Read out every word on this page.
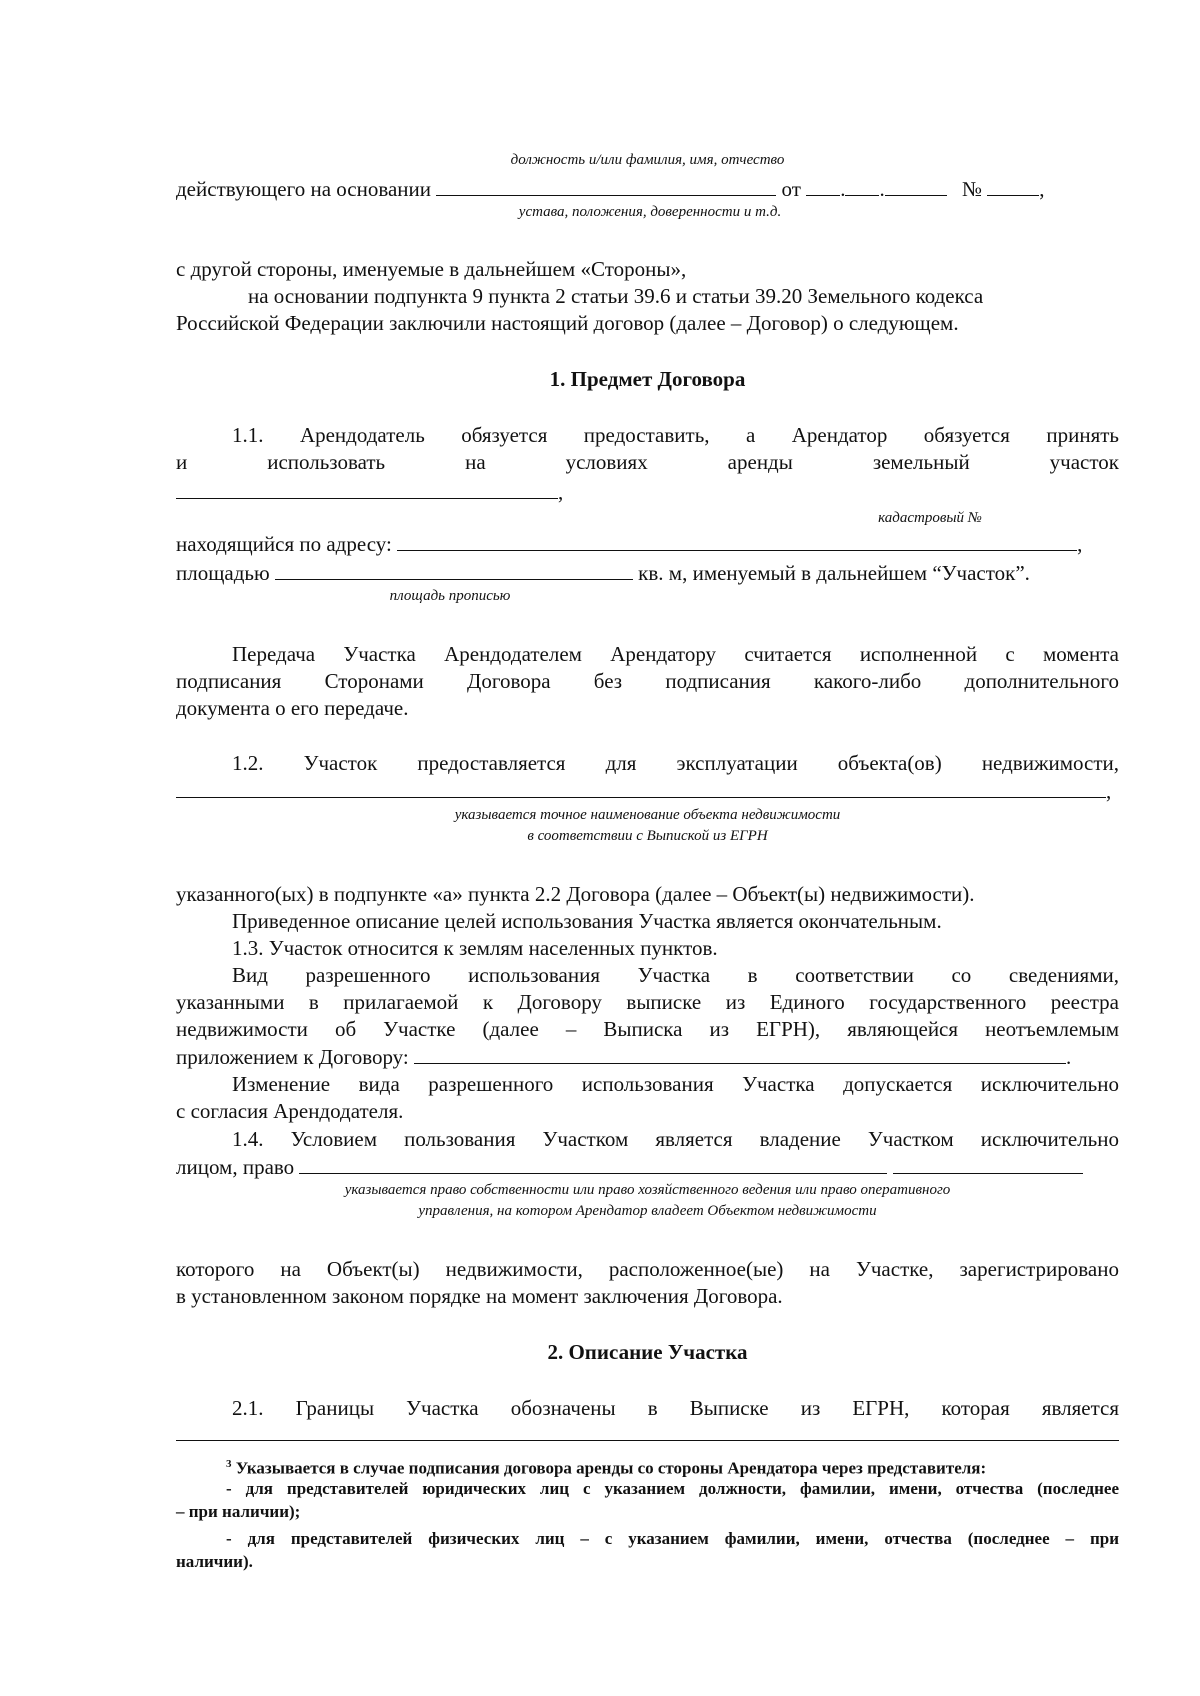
должность и/или фамилия, имя, отчество
действующего на основании	от . .	№	,
устава, положения, доверенности и т.д.
с другой стороны, именуемые в дальнейшем «Стороны»,
на основании подпункта 9 пункта 2 статьи 39.6 и статьи 39.20 Земельного кодекса
Российской Федерации заключили настоящий договор (далее – Договор) о следующем.
1. Предмет Договора
1.1. Арендодатель обязуется предоставить, а Арендатор обязуется принять
и	использовать	на	условиях	аренды	земельный	участок
,
кадастровый №
находящийся по адресу:	,
площадью	кв. м, именуемый в дальнейшем “Участок”.
площадь прописью
Передача Участка Арендодателем Арендатору считается исполненной с момента
подписания Сторонами Договора без подписания какого-либо дополнительного
документа о его передаче.
1.2. Участок предоставляется для эксплуатации объекта(ов) недвижимости,
,
указывается точное наименование объекта недвижимости
в соответствии с Выпиской из ЕГРН
указанного(ых) в подпункте «а» пункта 2.2 Договора (далее – Объект(ы) недвижимости).
Приведенное описание целей использования Участка является окончательным.
1.3. Участок относится к землям населенных пунктов.
Вид разрешенного использования Участка в соответствии со сведениями,
указанными в прилагаемой к Договору выписке из Единого государственного реестра
недвижимости об Участке (далее – Выписка из ЕГРН), являющейся неотъемлемым
приложением к Договору:	.
Изменение вида разрешенного использования Участка допускается исключительно
с согласия Арендодателя.
1.4. Условием пользования Участком является владение Участком исключительно
лицом, право
указывается право собственности или право хозяйственного ведения или право оперативного
управления, на котором Арендатор владеет Объектом недвижимости
которого на Объект(ы) недвижимости, расположенное(ые) на Участке, зарегистрировано
в установленном законом порядке на момент заключения Договора.
2. Описание Участка
2.1. Границы Участка обозначены в Выписке из ЕГРН, которая является
$^3$ Указывается в случае подписания договора аренды со стороны Арендатора через представителя:
- для представителей юридических лиц с указанием должности, фамилии, имени, отчества (последнее
– при наличии);
- для представителей физических лиц – с указанием фамилии, имени, отчества (последнее – при
наличии).
